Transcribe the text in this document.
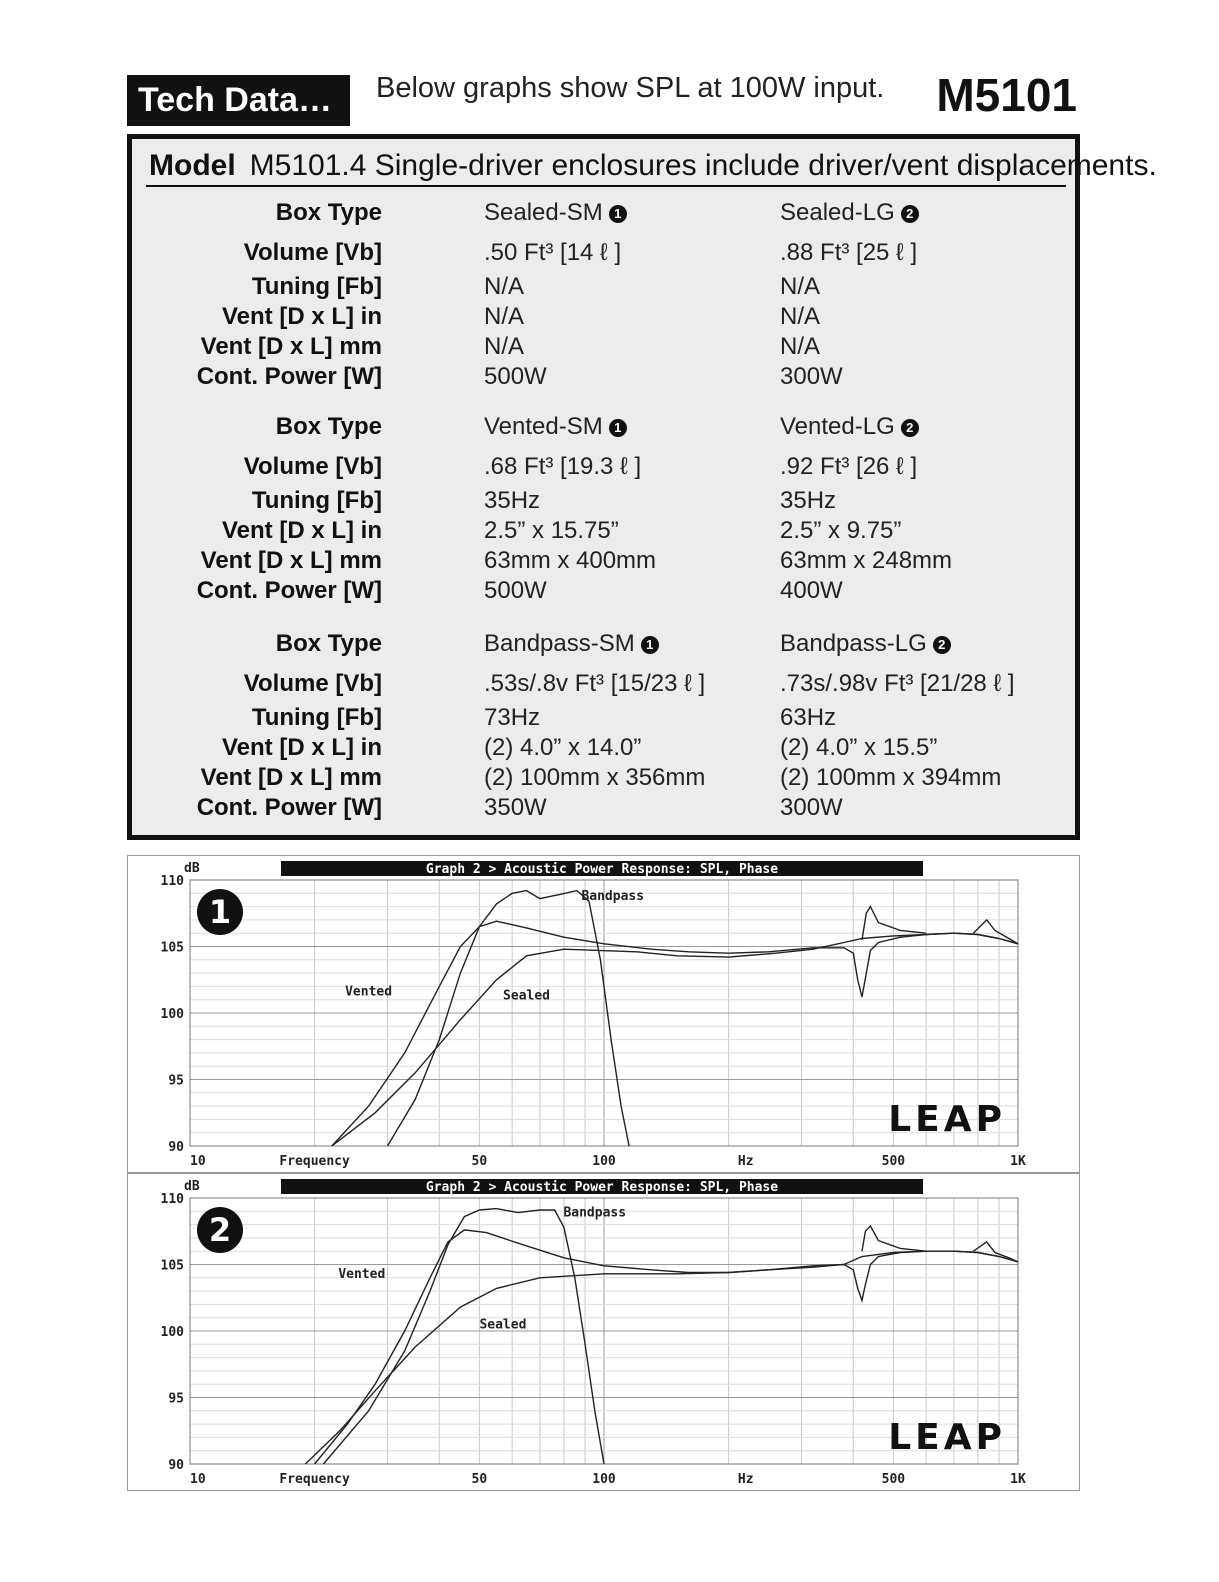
Tech Data…	Below graphs show SPL at 100W input. M5101
Model M5101.4 Single-driver enclosures include driver/vent displacements.
Box Type	Sealed-SM 1	Sealed-LG 2
Volume [Vb]	.50 Ft³ [14 ℓ ]	.88 Ft³ [25 ℓ ]
Tuning [Fb]	N/A	N/A
Vent [D x L] in	N/A	N/A
Vent [D x L] mm	N/A	N/A
Cont. Power [W]	500W	300W
Box Type	Vented-SM 1	Vented-LG 2
Volume [Vb]	.68 Ft³ [19.3 ℓ ]	.92 Ft³ [26 ℓ ]
Tuning [Fb]	35Hz	35Hz
Vent [D x L] in	2.5” x 15.75”	2.5” x 9.75”
Vent [D x L] mm	63mm x 400mm	63mm x 248mm
Cont. Power [W]	500W	400W
Box Type	Bandpass-SM 1	Bandpass-LG 2
Volume [Vb]	.53s/.8v Ft³ [15/23 ℓ ]	.73s/.98v Ft³ [21/28 ℓ ]
Tuning [Fb]	73Hz	63Hz
Vent [D x L] in	(2) 4.0” x 14.0”	(2) 4.0” x 15.5”
Vent [D x L] mm	(2) 100mm x 356mm	(2) 100mm x 394mm
Cont. Power [W]	350W	300W
Graph 2 > Acoustic Power Response: SPL, Phase
dB
110
105
100
95
90
10	50	100	500	1K
Frequency	Hz
Sealed
Vented
Bandpass
1
LEAP
Graph 2 > Acoustic Power Response: SPL, Phase
dB
110
105
100
95
90
10	50	100	500	1K
Frequency	Hz
Sealed
Vented
Bandpass
2
LEAP
